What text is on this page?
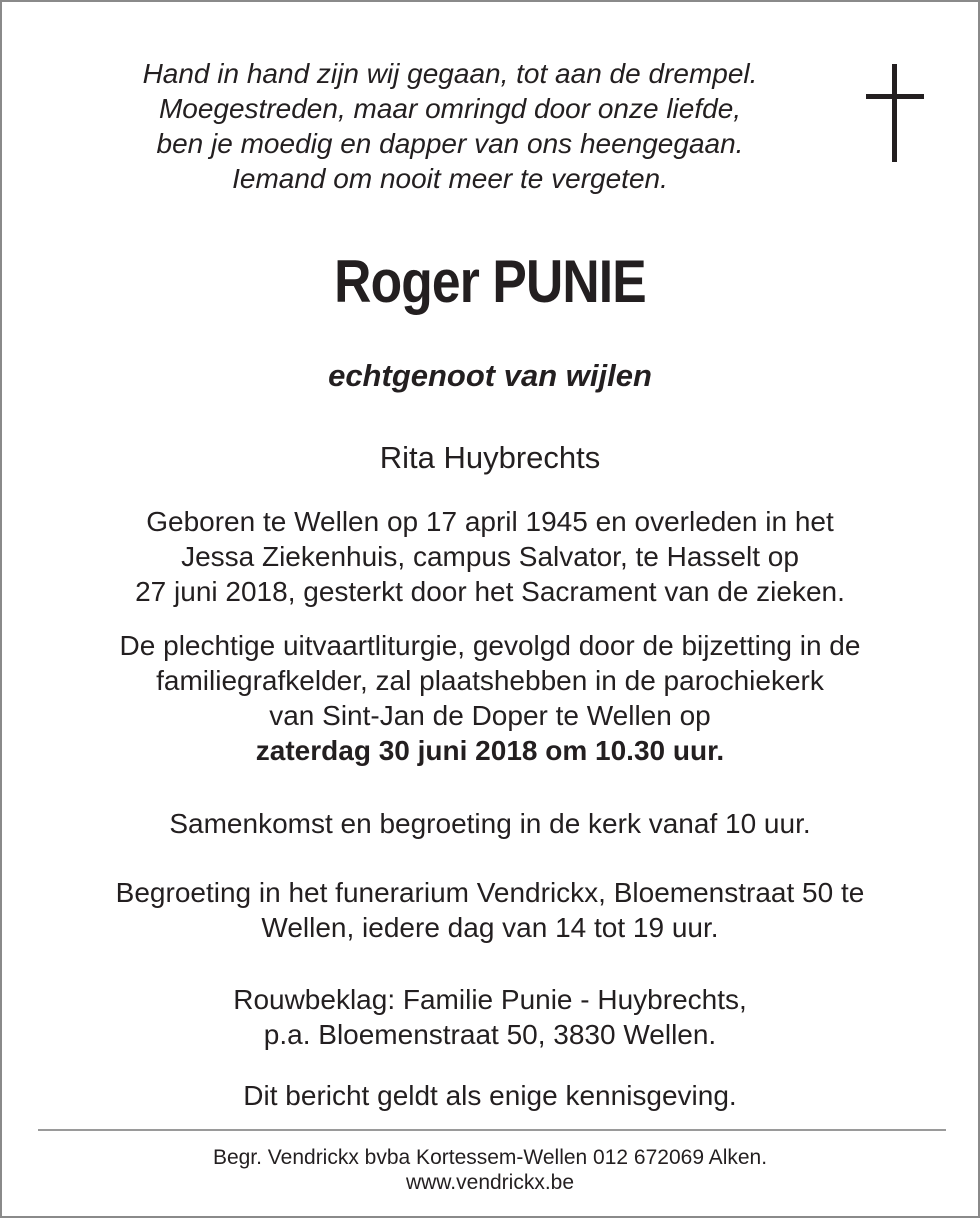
Hand in hand zijn wij gegaan, tot aan de drempel.
Moegestreden, maar omringd door onze liefde,
ben je moedig en dapper van ons heengegaan.
Iemand om nooit meer te vergeten.
Roger PUNIE
echtgenoot van wijlen
Rita Huybrechts
Geboren te Wellen op 17 april 1945 en overleden in het
Jessa Ziekenhuis, campus Salvator, te Hasselt op
27 juni 2018, gesterkt door het Sacrament van de zieken.
De plechtige uitvaartliturgie, gevolgd door de bijzetting in de
familiegrafkelder, zal plaatshebben in de parochiekerk
van Sint-Jan de Doper te Wellen op
zaterdag 30 juni 2018 om 10.30 uur.
Samenkomst en begroeting in de kerk vanaf 10 uur.
Begroeting in het funerarium Vendrickx, Bloemenstraat 50 te
Wellen, iedere dag van 14 tot 19 uur.
Rouwbeklag: Familie Punie - Huybrechts,
p.a. Bloemenstraat 50, 3830 Wellen.
Dit bericht geldt als enige kennisgeving.
Begr. Vendrickx bvba Kortessem-Wellen 012 672069 Alken.
www.vendrickx.be
